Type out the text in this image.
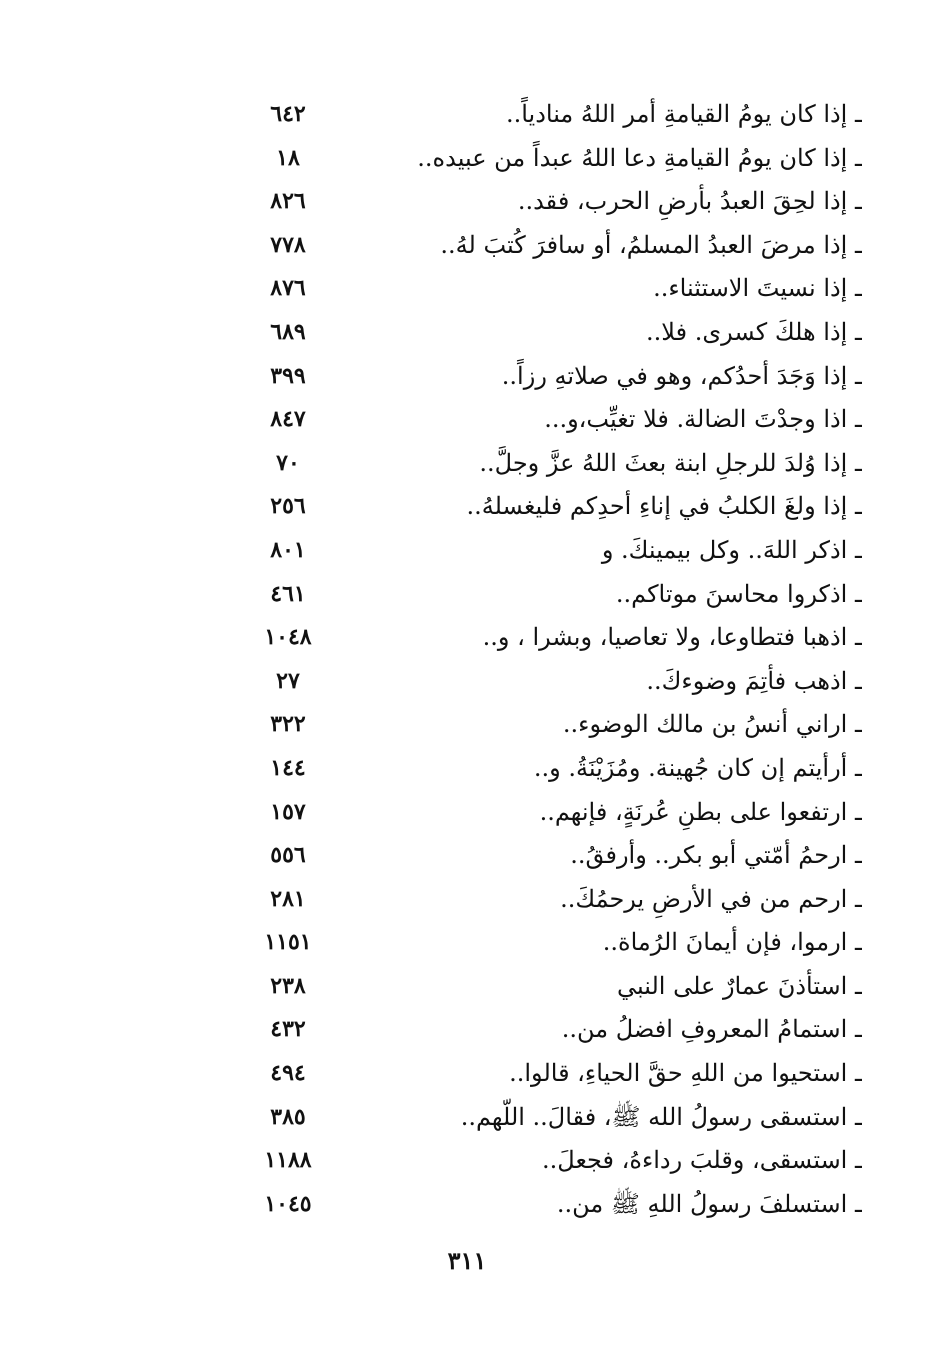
ـ إذا كان يومُ القيامةِ أمر اللهُ منادياً..
٦٤٢
ـ إذا كان يومُ القيامةِ دعا اللهُ عبداً من عبيده..
١٨
ـ إذا لحِقَ العبدُ بأرضِ الحرب، فقد..
٨٢٦
ـ إذا مرضَ العبدُ المسلمُ، أو سافرَ كُتبَ لهُ..
٧٧٨
ـ إذا نسيتَ الاستثناء..
٨٧٦
ـ إذا هلكَ كسرى. فلا..
٦٨٩
ـ إذا وَجَدَ أحدُكم، وهو في صلاتهِ رزاً..
٣٩٩
ـ اذا وجدْتَ الضالة. فلا تغيِّب،و...
٨٤٧
ـ إذا وُلدَ للرجلِ ابنة بعثَ اللهُ عزَّ وجلَّ..
٧٠
ـ إذا ولغَ الكلبُ في إناءِ أحدِكم فليغسلهُ..
٢٥٦
ـ اذكر اللهَ.. وكل بيمينكَ. و
٨٠١
ـ اذكروا محاسنَ موتاكم..
٤٦١
ـ اذهبا فتطاوعا، ولا تعاصيا، وبشرا ، و..
١٠٤٨
ـ اذهب فأتِمَ وضوءكَ..
٢٧
ـ اراني أنسُ بن مالك الوضوء..
٣٢٢
ـ أرأيتم إن كان جُهينة. ومُزَيْنَةُ. و..
١٤٤
ـ ارتفعوا على بطنِ عُرنَةٍ، فإنهم..
١٥٧
ـ ارحمُ أمّتي أبو بكر.. وأرفقُ..
٥٥٦
ـ ارحم من في الأرضِ يرحمُكَ..
٢٨١
ـ ارموا، فإن أيمانَ الرُماة..
١١٥١
ـ استأذنَ عمارٌ على النبي
٢٣٨
ـ استمامُ المعروفِ افضلُ من..
٤٣٢
ـ استحيوا من اللهِ حقَّ الحياءِ، قالوا..
٤٩٤
ـ استسقى رسولُ الله ﷺ، فقالَ.. اللّهم..
٣٨٥
ـ استسقى، وقلبَ رداءهُ، فجعلَ..
١١٨٨
ـ استسلفَ رسولُ اللهِ ﷺ من..
١٠٤٥
٣١١
